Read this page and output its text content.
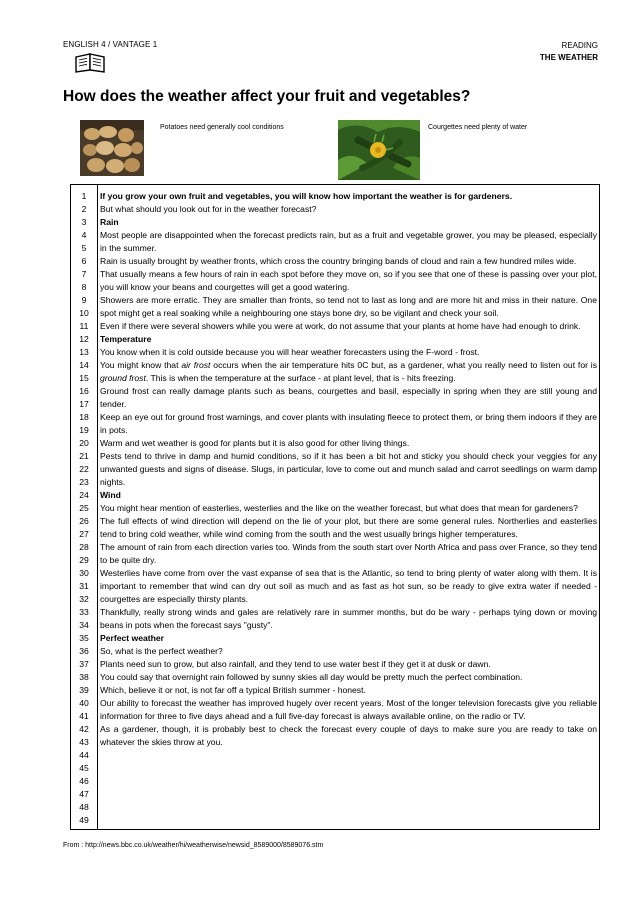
ENGLISH 4 / VANTAGE 1	READING
THE WEATHER
How does the weather affect your fruit and vegetables?
Potatoes need generally cool conditions	Courgettes need plenty of water
1
2
3
4
5
6
7
8
9
10
11
12
13
14
15
16
17
18
19
20
21
22
23
24
25
26
27
28
29
30
31
32
33
34
35
36
37
38
39
40
41
42
43
44
45
46
47
48
49

If you grow your own fruit and vegetables, you will know how important the weather is for gardeners.

But what should you look out for in the weather forecast?

Rain

Most people are disappointed when the forecast predicts rain, but as a fruit and vegetable grower, you may be pleased, especially in the summer.

Rain is usually brought by weather fronts, which cross the country bringing bands of cloud and rain a few hundred miles wide.

That usually means a few hours of rain in each spot before they move on, so if you see that one of these is passing over your plot, you will know your beans and courgettes will get a good watering.

Showers are more erratic. They are smaller than fronts, so tend not to last as long and are more hit and miss in their nature. One spot might get a real soaking while a neighbouring one stays bone dry, so be vigilant and check your soil.

Even if there were several showers while you were at work, do not assume that your plants at home have had enough to drink.

Temperature

You know when it is cold outside because you will hear weather forecasters using the F-word - frost.

You might know that air frost occurs when the air temperature hits 0C but, as a gardener, what you really need to listen out for is ground frost. This is when the temperature at the surface - at plant level, that is - hits freezing.

Ground frost can really damage plants such as beans, courgettes and basil, especially in spring when they are still young and tender.

Keep an eye out for ground frost warnings, and cover plants with insulating fleece to protect them, or bring them indoors if they are in pots.

Warm and wet weather is good for plants but it is also good for other living things.

Pests tend to thrive in damp and humid conditions, so if it has been a bit hot and sticky you should check your veggies for any unwanted guests and signs of disease. Slugs, in particular, love to come out and munch salad and carrot seedlings on warm damp nights.

Wind

You might hear mention of easterlies, westerlies and the like on the weather forecast, but what does that mean for gardeners?

The full effects of wind direction will depend on the lie of your plot, but there are some general rules. Northerlies and easterlies tend to bring cold weather, while wind coming from the south and the west usually brings higher temperatures.

The amount of rain from each direction varies too. Winds from the south start over North Africa and pass over France, so they tend to be quite dry.

Westerlies have come from over the vast expanse of sea that is the Atlantic, so tend to bring plenty of water along with them. It is important to remember that wind can dry out soil as much and as fast as hot sun, so be ready to give extra water if needed - courgettes are especially thirsty plants.

Thankfully, really strong winds and gales are relatively rare in summer months, but do be wary - perhaps tying down or moving beans in pots when the forecast says "gusty".

Perfect weather

So, what is the perfect weather?

Plants need sun to grow, but also rainfall, and they tend to use water best if they get it at dusk or dawn.

You could say that overnight rain followed by sunny skies all day would be pretty much the perfect combination.

Which, believe it or not, is not far off a typical British summer - honest.

Our ability to forecast the weather has improved hugely over recent years. Most of the longer television forecasts give you reliable information for three to five days ahead and a full five-day forecast is always available online, on the radio or TV.

As a gardener, though, it is probably best to check the forecast every couple of days to make sure you are ready to take on whatever the skies throw at you.

From : http://news.bbc.co.uk/weather/hi/weatherwise/newsid_8589000/8589076.stm
